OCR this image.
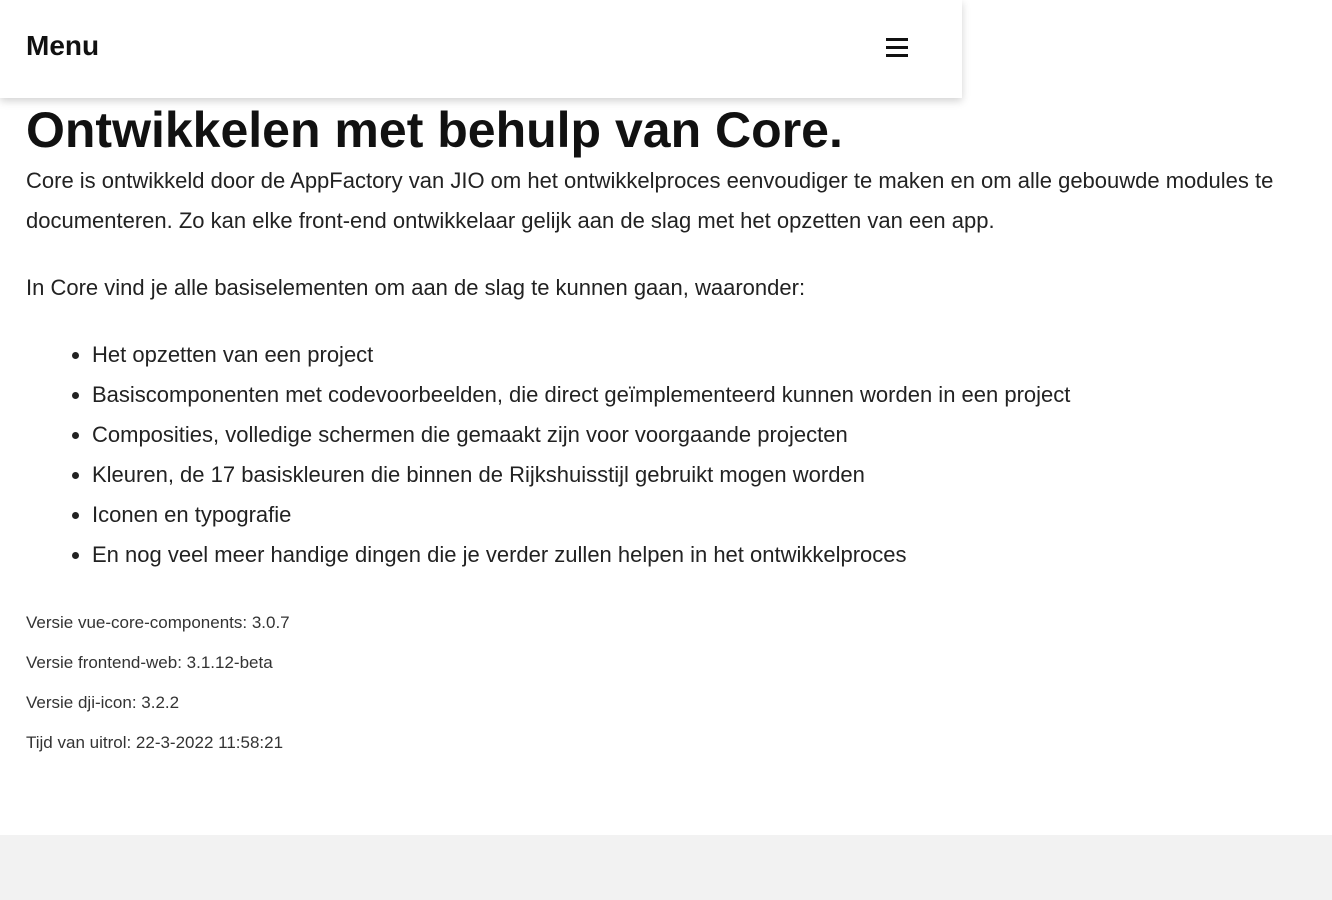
Menu
Ontwikkelen met behulp van Core.
Core is ontwikkeld door de AppFactory van JIO om het ontwikkelproces eenvoudiger te maken en om alle gebouwde modules te
documenteren. Zo kan elke front-end ontwikkelaar gelijk aan de slag met het opzetten van een app.
In Core vind je alle basiselementen om aan de slag te kunnen gaan, waaronder:
• Het opzetten van een project
• Basiscomponenten met codevoorbeelden, die direct geïmplementeerd kunnen worden in een project
• Composities, volledige schermen die gemaakt zijn voor voorgaande projecten
• Kleuren, de 17 basiskleuren die binnen de Rijkshuisstijl gebruikt mogen worden
• Iconen en typografie
• En nog veel meer handige dingen die je verder zullen helpen in het ontwikkelproces
Versie vue-core-components: 3.0.7
Versie frontend-web: 3.1.12-beta
Versie dji-icon: 3.2.2
Tijd van uitrol: 22-3-2022 11:58:21
